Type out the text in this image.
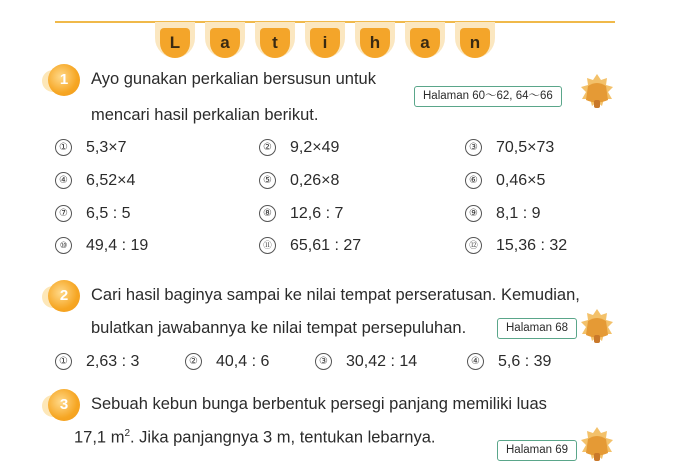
L	a	t	i	h	a	n
1	Ayo gunakan perkalian bersusun untuk
mencari hasil perkalian berikut.
Halaman 60〜62, 64〜66
① 5,3×7	② 9,2×49	③ 70,5×73
④ 6,52×4	⑤ 0,26×8	⑥ 0,46×5
⑦ 6,5 : 5	⑧ 12,6 : 7	⑨ 8,1 : 9
⑩ 49,4 : 19	⑪ 65,61 : 27	⑫ 15,36 : 32
2	Cari hasil baginya sampai ke nilai tempat perseratusan. Kemudian,
bulatkan jawabannya ke nilai tempat persepuluhan.	Halaman 68
① 2,63 : 3	② 40,4 : 6	③ 30,42 : 14	④ 5,6 : 39
3	Sebuah kebun bunga berbentuk persegi panjang memiliki luas
17,1 $m^2$. Jika panjangnya 3 m, tentukan lebarnya.
Halaman 69
